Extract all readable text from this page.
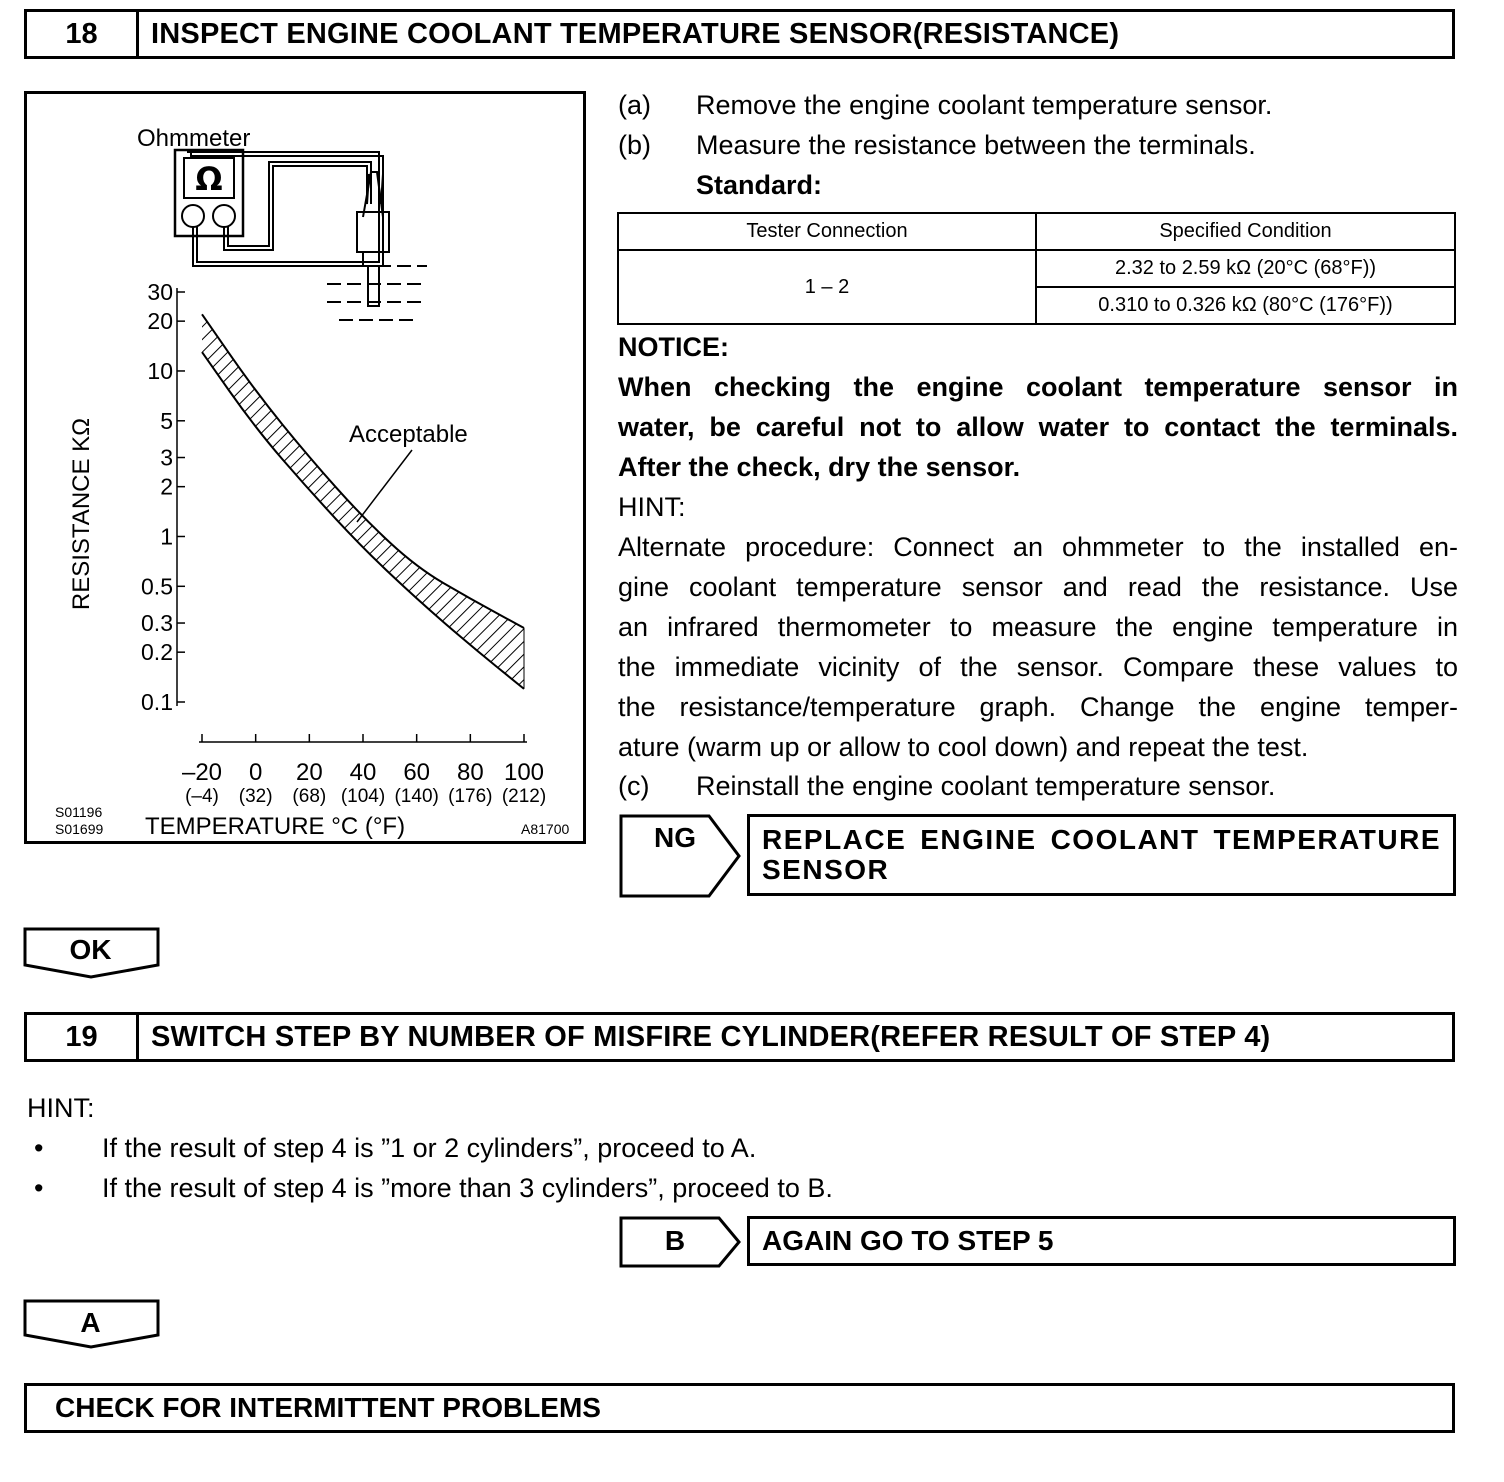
18	INSPECT ENGINE COOLANT TEMPERATURE SENSOR(RESISTANCE)
Ohmmeter
Ω
30
20
10
5
3
2
1
0.5
0.3
0.2
0.1
–20
(–4)
0
(32)
20
(68)
40
(104)
60
(140)
80
(176)
100
(212)
Acceptable
RESISTANCE KΩ
TEMPERATURE °C (°F)
S01196
S01699	A81700
(a) Remove the engine coolant temperature sensor.
(b) Measure the resistance between the terminals.
Standard:
Tester Connection	Specified Condition
1 – 2	2.32 to 2.59 kΩ (20°C (68°F))
	0.310 to 0.326 kΩ (80°C (176°F))
NOTICE:
When checking the engine coolant temperature sensor in
water, be careful not to allow water to contact the terminals.
After the check, dry the sensor.
HINT:
Alternate procedure: Connect an ohmmeter to the installed en-
gine coolant temperature sensor and read the resistance. Use
an infrared thermometer to measure the engine temperature in
the immediate vicinity of the sensor. Compare these values to
the resistance/temperature graph. Change the engine temper-
ature (warm up or allow to cool down) and repeat the test.
(c) Reinstall the engine coolant temperature sensor.
NG	REPLACE ENGINE COOLANT TEMPERATURE
SENSOR
OK
19	SWITCH STEP BY NUMBER OF MISFIRE CYLINDER(REFER RESULT OF STEP 4)
HINT:
• If the result of step 4 is ”1 or 2 cylinders”, proceed to A.
• If the result of step 4 is ”more than 3 cylinders”, proceed to B.
B	AGAIN GO TO STEP 5
A
CHECK FOR INTERMITTENT PROBLEMS
